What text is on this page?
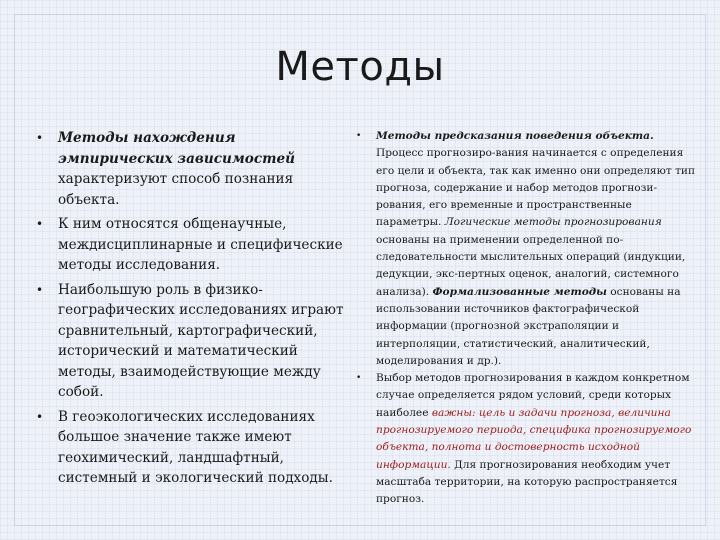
Методы
• Методы нахождения эмпирических зависимостей характеризуют способ познания объекта.
• К ним относятся общенаучные, междисциплинарные и специфические методы исследования.
• Наибольшую роль в физико-географических исследованиях играют сравнительный, картографический, исторический и математический методы, взаимодействующие между собой.
• В геоэкологических исследованиях большое значение также имеют геохимический, ландшафтный, системный и экологический подходы.
• Методы предсказания поведения объекта. Процесс прогнозиро-вания начинается с определения его цели и объекта, так как именно они определяют тип прогноза, содержание и набор методов прогнози-рования, его временные и пространственные параметры. Логические методы прогнозирования основаны на применении определенной по-следовательности мыслительных операций (индукции, дедукции, экс-пертных оценок, аналогий, системного анализа). Формализованные методы основаны на использовании источников фактографической информации (прогнозной экстраполяции и интерполяции, статистический, аналитический, моделирования и др.).
• Выбор методов прогнозирования в каждом конкретном случае определяется рядом условий, среди которых наиболее важны: цель и задачи прогноза, величина прогнозируемого периода, специфика прогнозируемого объекта, полнота и достоверность исходной информации. Для прогнозирования необходим учет масштаба территории, на которую распространяется прогноз.
